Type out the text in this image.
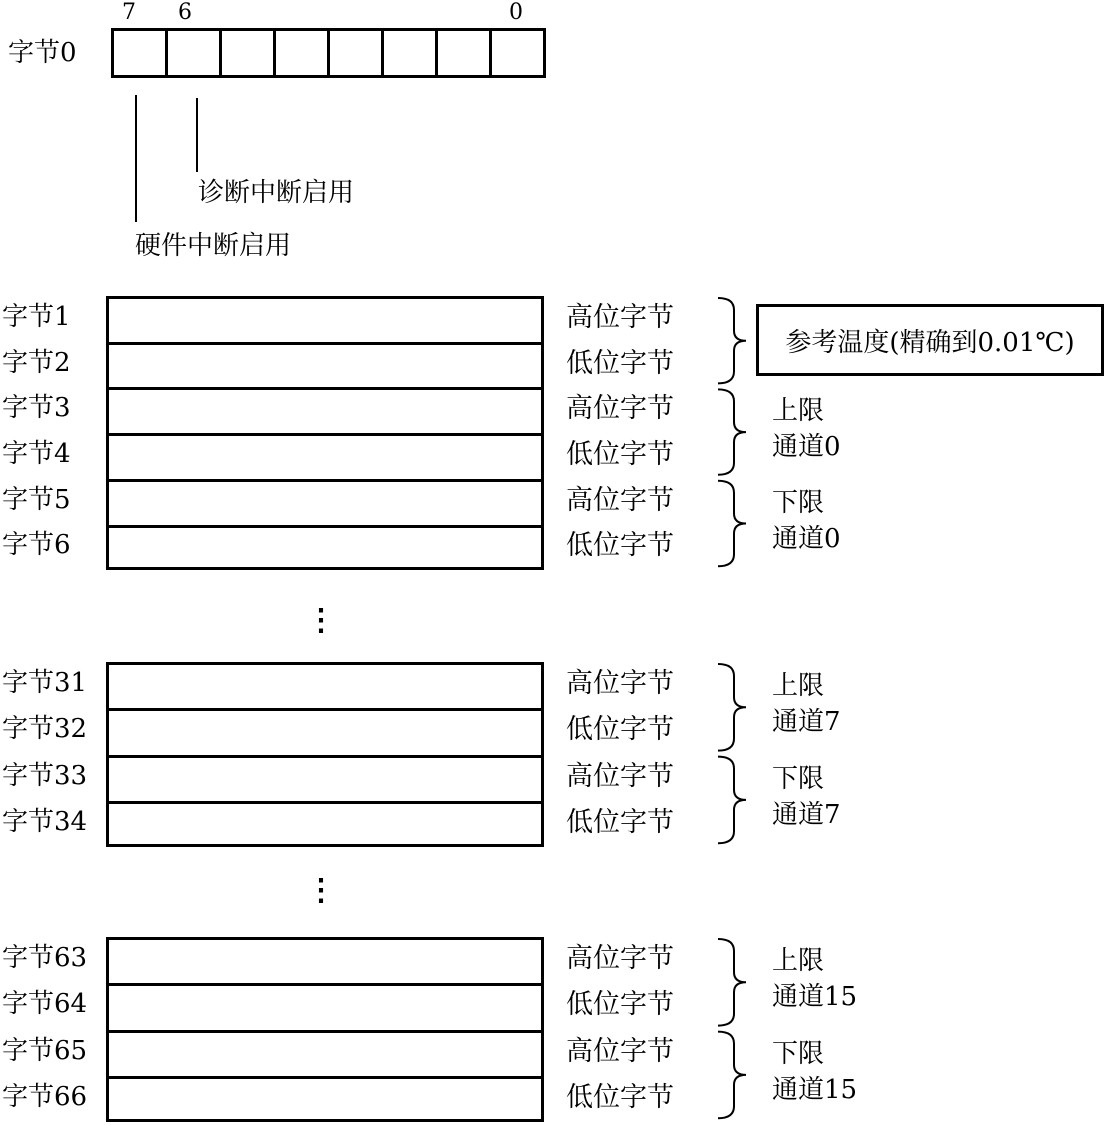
字节0
7 6	0
诊断中断启用
硬件中断启用
参考温度(精确到0.01℃)
⋮
⋮
字节1	高位字节
字节2	低位字节
字节3	高位字节
字节4	低位字节
字节5	高位字节
字节6	低位字节
上限
通道0
下限
通道0
字节31	高位字节
字节32	低位字节
字节33	高位字节
字节34	低位字节
上限
通道7
下限
通道7
字节63	高位字节
字节64	低位字节
字节65	高位字节
字节66	低位字节
上限
通道15
下限
通道15
